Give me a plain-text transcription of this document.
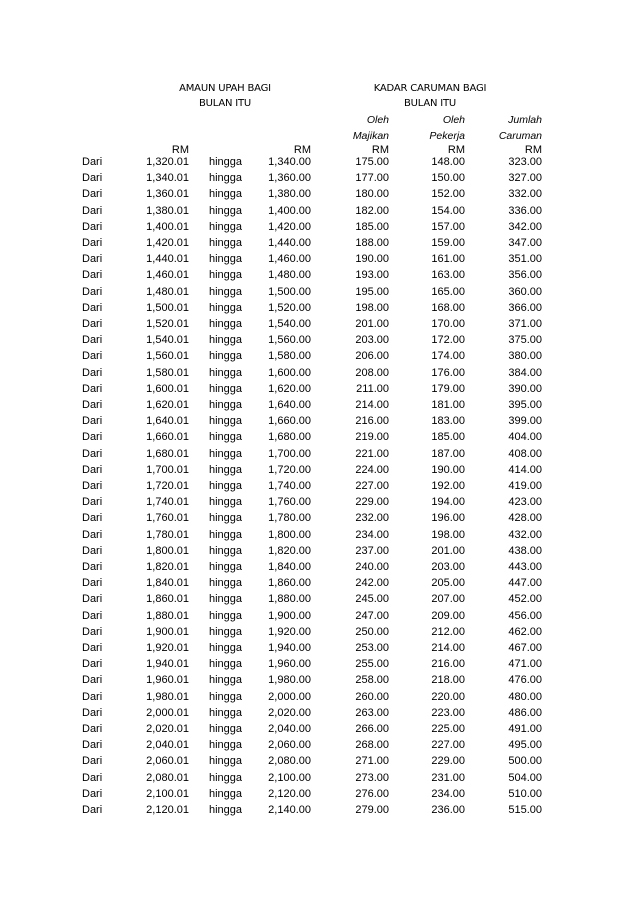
AMAUN UPAH BAGI
BULAN ITU
KADAR CARUMAN BAGI
BULAN ITU
Oleh
Majikan
Oleh
Pekerja
Jumlah
Caruman
RM	RM	RM	RM	RM
Dari	1,320.01 hingga 1,340.00	175.00	148.00	323.00
Dari	1,340.01 hingga 1,360.00	177.00	150.00	327.00
Dari	1,360.01 hingga 1,380.00	180.00	152.00	332.00
Dari	1,380.01 hingga 1,400.00	182.00	154.00	336.00
Dari	1,400.01 hingga 1,420.00	185.00	157.00	342.00
Dari	1,420.01 hingga 1,440.00	188.00	159.00	347.00
Dari	1,440.01 hingga 1,460.00	190.00	161.00	351.00
Dari	1,460.01 hingga 1,480.00	193.00	163.00	356.00
Dari	1,480.01 hingga 1,500.00	195.00	165.00	360.00
Dari	1,500.01 hingga 1,520.00	198.00	168.00	366.00
Dari	1,520.01 hingga 1,540.00	201.00	170.00	371.00
Dari	1,540.01 hingga 1,560.00	203.00	172.00	375.00
Dari	1,560.01 hingga 1,580.00	206.00	174.00	380.00
Dari	1,580.01 hingga 1,600.00	208.00	176.00	384.00
Dari	1,600.01 hingga 1,620.00	211.00	179.00	390.00
Dari	1,620.01 hingga 1,640.00	214.00	181.00	395.00
Dari	1,640.01 hingga 1,660.00	216.00	183.00	399.00
Dari	1,660.01 hingga 1,680.00	219.00	185.00	404.00
Dari	1,680.01 hingga 1,700.00	221.00	187.00	408.00
Dari	1,700.01 hingga 1,720.00	224.00	190.00	414.00
Dari	1,720.01 hingga 1,740.00	227.00	192.00	419.00
Dari	1,740.01 hingga 1,760.00	229.00	194.00	423.00
Dari	1,760.01 hingga 1,780.00	232.00	196.00	428.00
Dari	1,780.01 hingga 1,800.00	234.00	198.00	432.00
Dari	1,800.01 hingga 1,820.00	237.00	201.00	438.00
Dari	1,820.01 hingga 1,840.00	240.00	203.00	443.00
Dari	1,840.01 hingga 1,860.00	242.00	205.00	447.00
Dari	1,860.01 hingga 1,880.00	245.00	207.00	452.00
Dari	1,880.01 hingga 1,900.00	247.00	209.00	456.00
Dari	1,900.01 hingga 1,920.00	250.00	212.00	462.00
Dari	1,920.01 hingga 1,940.00	253.00	214.00	467.00
Dari	1,940.01 hingga 1,960.00	255.00	216.00	471.00
Dari	1,960.01 hingga 1,980.00	258.00	218.00	476.00
Dari	1,980.01 hingga 2,000.00	260.00	220.00	480.00
Dari	2,000.01 hingga 2,020.00	263.00	223.00	486.00
Dari	2,020.01 hingga 2,040.00	266.00	225.00	491.00
Dari	2,040.01 hingga 2,060.00	268.00	227.00	495.00
Dari	2,060.01 hingga 2,080.00	271.00	229.00	500.00
Dari	2,080.01 hingga 2,100.00	273.00	231.00	504.00
Dari	2,100.01 hingga 2,120.00	276.00	234.00	510.00
Dari	2,120.01 hingga 2,140.00	279.00	236.00	515.00
